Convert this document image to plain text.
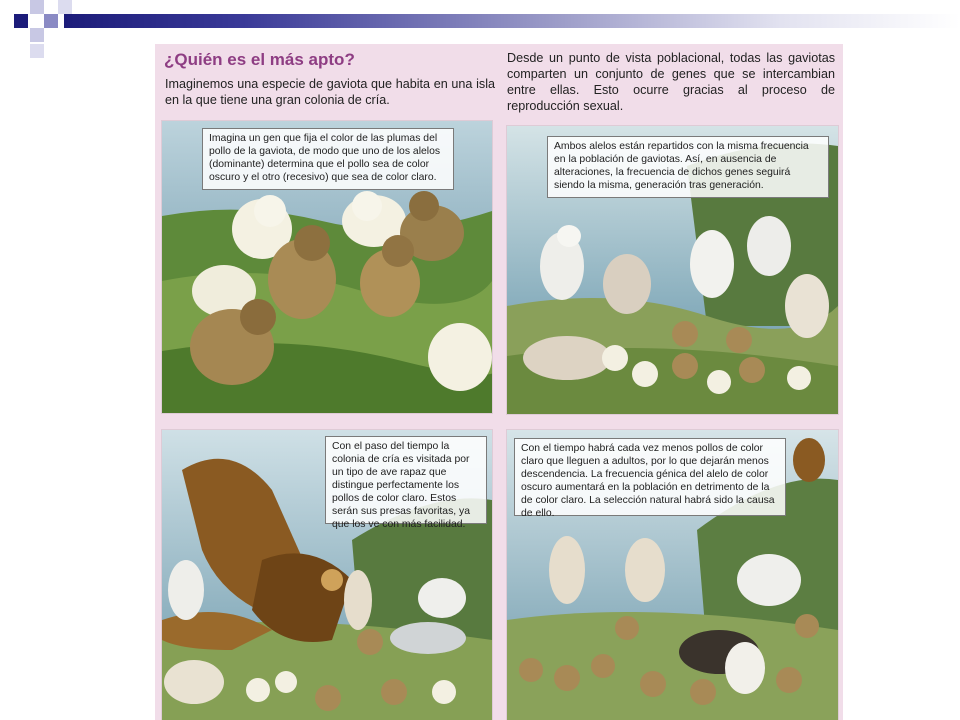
¿Quién es el más apto?
Imaginemos una especie de gaviota que habita en una isla en la que tiene una gran colonia de cría.
Desde un punto de vista poblacional, todas las gaviotas comparten un conjunto de genes que se intercambian entre ellas. Esto ocurre gracias al proceso de reproducción sexual.
Imagina un gen que fija el color de las plumas del pollo de la gaviota, de modo que uno de los alelos (dominante) determina que el pollo sea de color oscuro y el otro (recesivo) que sea de color claro.
Ambos alelos están repartidos con la misma frecuencia en la población de gaviotas. Así, en ausencia de alteraciones, la frecuencia de dichos genes seguirá siendo la misma, generación tras generación.
Con el paso del tiempo la colonia de cría es visitada por un tipo de ave rapaz que distingue perfectamente los pollos de color claro. Estos serán sus presas favoritas, ya que los ve con más facilidad.
Con el tiempo habrá cada vez menos pollos de color claro que lleguen a adultos, por lo que dejarán menos descendencia. La frecuencia génica del alelo de color oscuro aumentará en la población en detrimento de la de color claro. La selección natural habrá sido la causa de ello.
